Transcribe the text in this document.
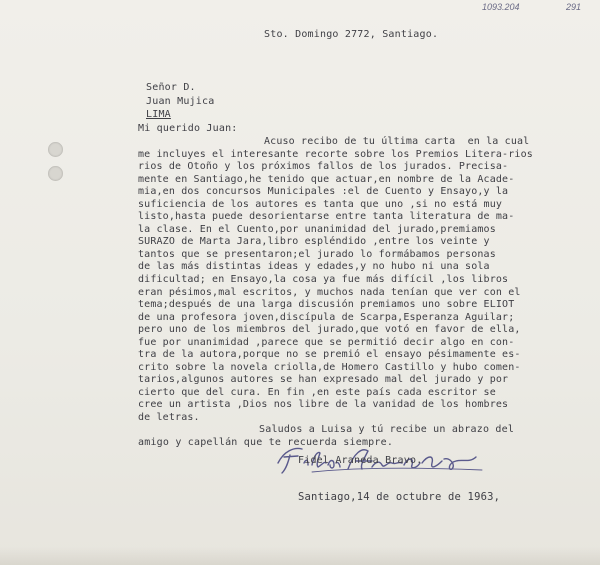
1093.204	291
Sto. Domingo 2772, Santiago.
Señor D.
Juan Mujica
LIMA
Mi querido Juan:
Acuso recibo de tu última carta  en la cual
me incluyes el interesante recorte sobre los Premios Litera-rios
rios de Otoño y los próximos fallos de los jurados. Precisa-
mente en Santiago,he tenido que actuar,en nombre de la Acade-
mia,en dos concursos Municipales :el de Cuento y Ensayo,y la
suficiencia de los autores es tanta que uno ,si no está muy
listo,hasta puede desorientarse entre tanta literatura de ma-
la clase. En el Cuento,por unanimidad del jurado,premiamos
SURAZO de Marta Jara,libro espléndido ,entre los veinte y
tantos que se presentaron;el jurado lo formábamos personas
de las más distintas ideas y edades,y no hubo ni una sola
dificultad; en Ensayo,la cosa ya fue más difícil ,los libros
eran pésimos,mal escritos, y muchos nada tenían que ver con el
tema;después de una larga discusión premiamos uno sobre ELIOT
de una profesora joven,discípula de Scarpa,Esperanza Aguilar;
pero uno de los miembros del jurado,que votó en favor de ella,
fue por unanimidad ,parece que se permitió decir algo en con-
tra de la autora,porque no se premió el ensayo pésimamente es-
crito sobre la novela criolla,de Homero Castillo y hubo comen-
tarios,algunos autores se han expresado mal del jurado y por
cierto que del cura. En fin ,en este país cada escritor se
cree un artista ,Dios nos libre de la vanidad de los hombres
de letras.
Saludos a Luisa y tú recibe un abrazo del
amigo y capellán que te recuerda siempre.
Fidel Araneda Bravo.
Santiago,14 de octubre de 1963,
